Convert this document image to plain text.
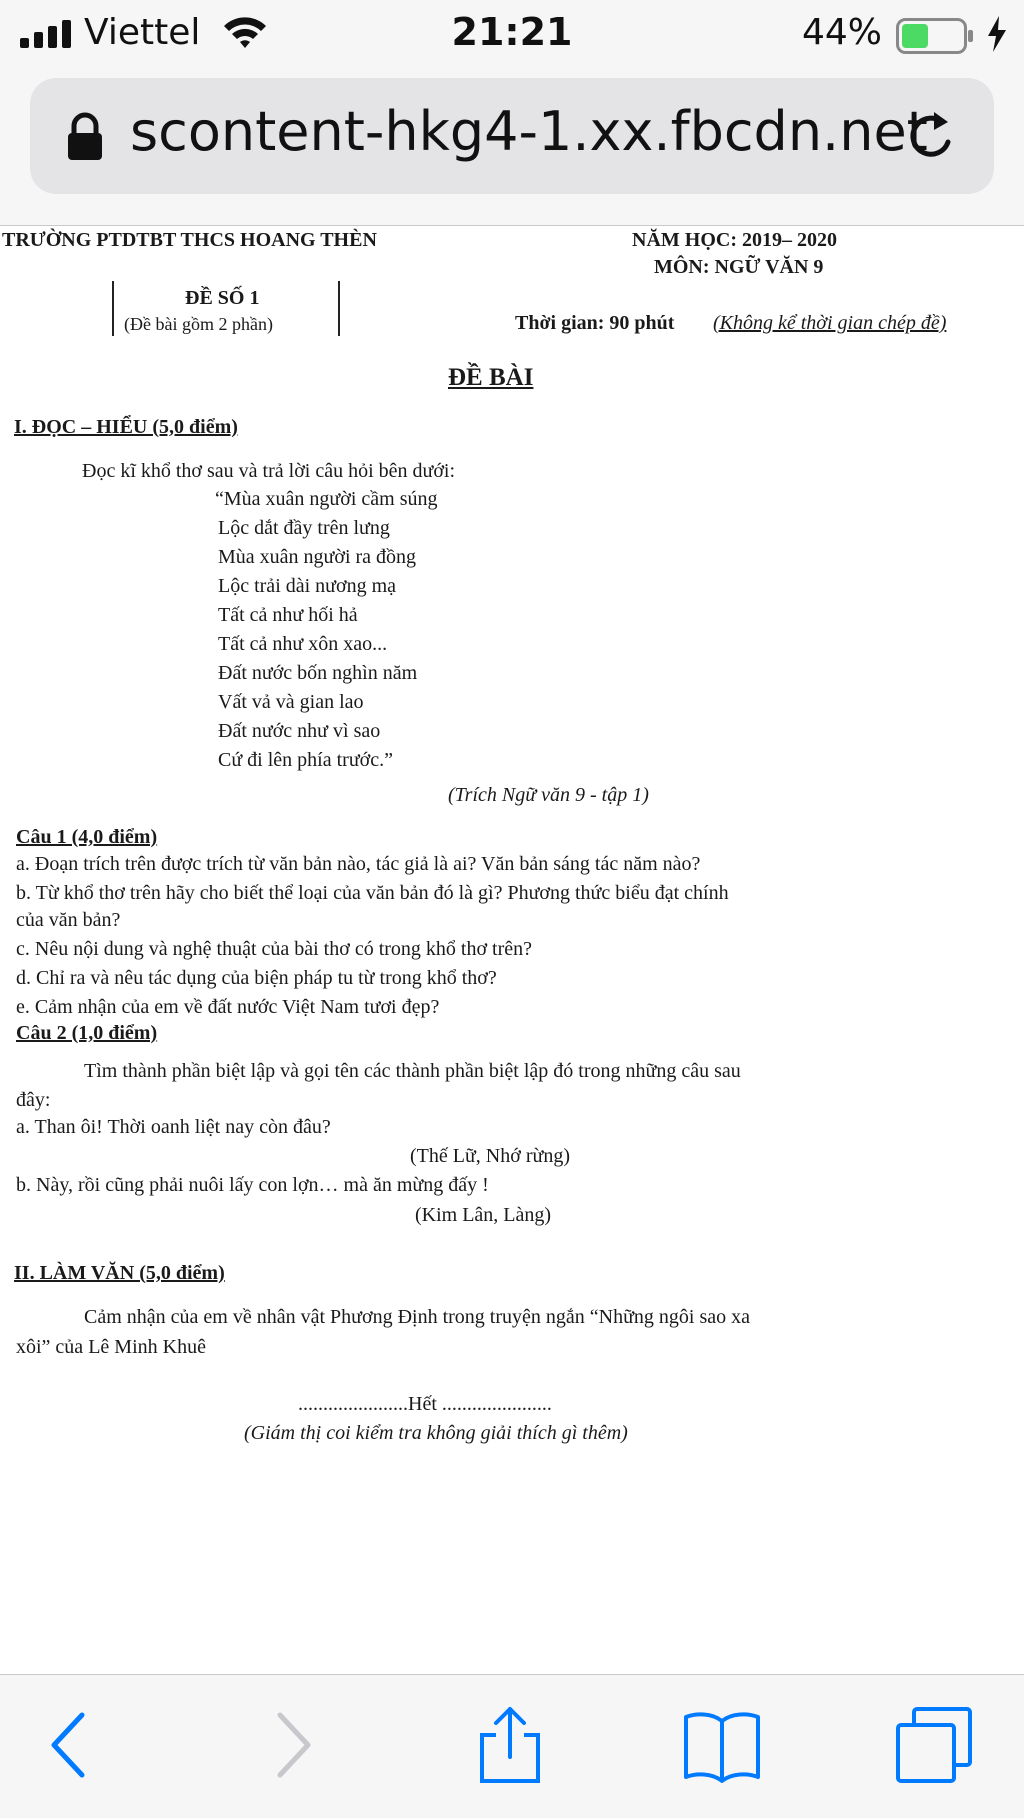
Viettel	21:21	44%
scontent-hkg4-1.xx.fbcdn.net
TRƯỜNG PTDTBT THCS HOANG THÈN	NĂM HỌC: 2019– 2020
MÔN: NGỮ VĂN 9
ĐỀ SỐ 1
(Đề bài gồm 2 phần)	Thời gian: 90 phút (Không kể thời gian chép đề)
ĐỀ BÀI
I. ĐỌC – HIỂU (5,0 điểm)
Đọc kĩ khổ thơ sau và trả lời câu hỏi bên dưới:
“Mùa xuân người cầm súng
Lộc dắt đầy trên lưng
Mùa xuân người ra đồng
Lộc trải dài nương mạ
Tất cả như hối hả
Tất cả như xôn xao...
Đất nước bốn nghìn năm
Vất vả và gian lao
Đất nước như vì sao
Cứ đi lên phía trước.”
(Trích Ngữ văn 9 - tập 1)
Câu 1 (4,0 điểm)
a. Đoạn trích trên được trích từ văn bản nào, tác giả là ai? Văn bản sáng tác năm nào?
b. Từ khổ thơ trên hãy cho biết thể loại của văn bản đó là gì? Phương thức biểu đạt chính
của văn bản?
c. Nêu nội dung và nghệ thuật của bài thơ có trong khổ thơ trên?
d. Chỉ ra và nêu tác dụng của biện pháp tu từ trong khổ thơ?
e. Cảm nhận của em về đất nước Việt Nam tươi đẹp?
Câu 2 (1,0 điểm)
Tìm thành phần biệt lập và gọi tên các thành phần biệt lập đó trong những câu sau
đây:
a. Than ôi! Thời oanh liệt nay còn đâu?
(Thế Lữ, Nhớ rừng)
b. Này, rồi cũng phải nuôi lấy con lợn… mà ăn mừng đấy !
(Kim Lân, Làng)
II. LÀM VĂN (5,0 điểm)
Cảm nhận của em về nhân vật Phương Định trong truyện ngắn “Những ngôi sao xa
xôi” của Lê Minh Khuê
......................Hết ......................
(Giám thị coi kiểm tra không giải thích gì thêm)
